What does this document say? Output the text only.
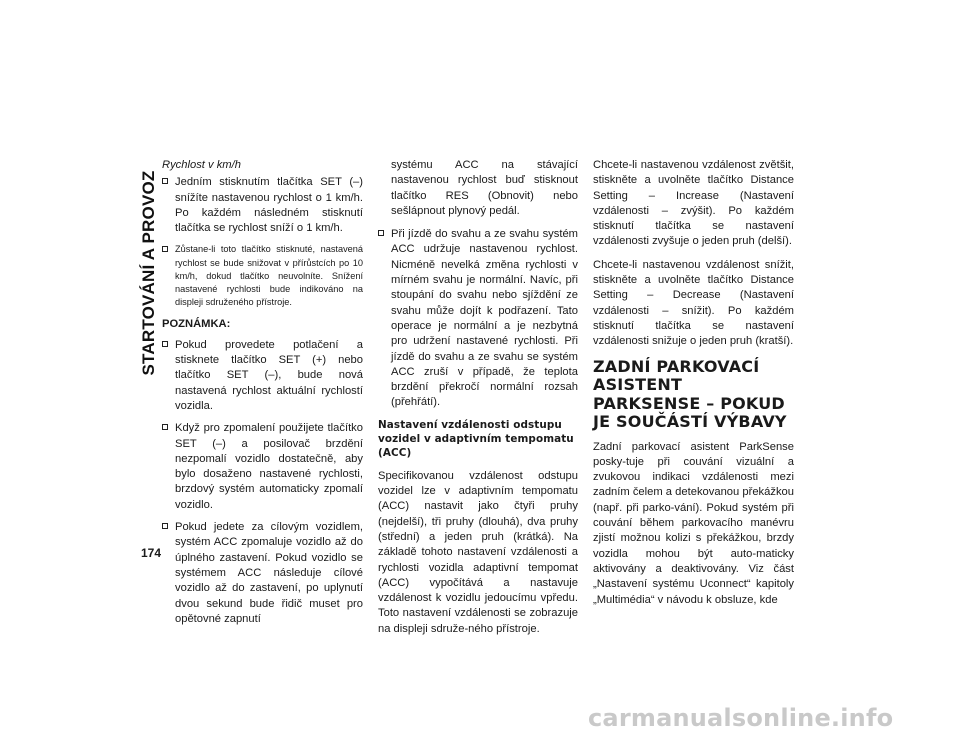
STARTOVÁNÍ A PROVOZ
174

Rychlost v km/h

Jedním stisknutím tlačítka SET (–) snížíte nastavenou rychlost o 1 km/h. Po každém následném stisknutí tlačítka se rychlost sníží o 1 km/h.
Zůstane-li toto tlačítko stisknuté, nastavená rychlost se bude snižovat v přírůstcích po 10 km/h, dokud tlačítko neuvolníte. Snížení nastavené rychlosti bude indikováno na displeji sdruženého přístroje.

POZNÁMKA:

Pokud provedete potlačení a stisknete tlačítko SET (+) nebo tlačítko SET (–), bude nová nastavená rychlost aktuální rychlostí vozidla.
Když pro zpomalení použijete tlačítko SET (–) a posilovač brzdění nezpomalí vozidlo dostatečně, aby bylo dosaženo nastavené rychlosti, brzdový systém automaticky zpomalí vozidlo.
Pokud jedete za cílovým vozidlem, systém ACC zpomaluje vozidlo až do úplného zastavení. Pokud vozidlo se systémem ACC následuje cílové vozidlo až do zastavení, po uplynutí dvou sekund bude řidič muset pro opětovné zapnutí

systému ACC na stávající nastavenou rychlost buď stisknout tlačítko RES (Obnovit) nebo sešlápnout plynový pedál.

Při jízdě do svahu a ze svahu systém ACC udržuje nastavenou rychlost. Nicméně nevelká změna rychlosti v mírném svahu je normální. Navíc, při stoupání do svahu nebo sjíždění ze svahu může dojít k podřazení. Tato operace je normální a je nezbytná pro udržení nastavené rychlosti. Při jízdě do svahu a ze svahu se systém ACC zruší v případě, že teplota brzdění překročí normální rozsah (přehřátí).
Nastavení vzdálenosti odstupu vozidel v adaptivním tempomatu (ACC)

Specifikovanou vzdálenost odstupu vozidel lze v adaptivním tempomatu (ACC) nastavit jako čtyři pruhy (nejdelší), tři pruhy (dlouhá), dva pruhy (střední) a jeden pruh (krátká). Na základě tohoto nastavení vzdálenosti a rychlosti vozidla adaptivní tempomat (ACC) vypočítává a nastavuje vzdálenost k vozidlu jedoucímu vpředu. Toto nastavení vzdálenosti se zobrazuje na displeji sdruže-ného přístroje.

Chcete-li nastavenou vzdálenost zvětšit, stiskněte a uvolněte tlačítko Distance Setting – Increase (Nastavení vzdálenosti – zvýšit). Po každém stisknutí tlačítka se nastavení vzdálenosti zvyšuje o jeden pruh (delší).

Chcete-li nastavenou vzdálenost snížit, stiskněte a uvolněte tlačítko Distance Setting – Decrease (Nastavení vzdálenosti – snížit). Po každém stisknutí tlačítka se nastavení vzdálenosti snižuje o jeden pruh (kratší).

ZADNÍ PARKOVACÍ ASISTENT PARKSENSE – POKUD JE SOUČÁSTÍ VÝBAVY

Zadní parkovací asistent ParkSense posky-tuje při couvání vizuální a zvukovou indikaci vzdálenosti mezi zadním čelem a detekovanou překážkou (např. při parko-vání). Pokud systém při couvání během parkovacího manévru zjistí možnou kolizi s překážkou, brzdy vozidla mohou být auto-maticky aktivovány a deaktivovány. Viz část „Nastavení systému Uconnect“ kapitoly „Multimédia“ v návodu k obsluze, kde

carmanualsonline.info
